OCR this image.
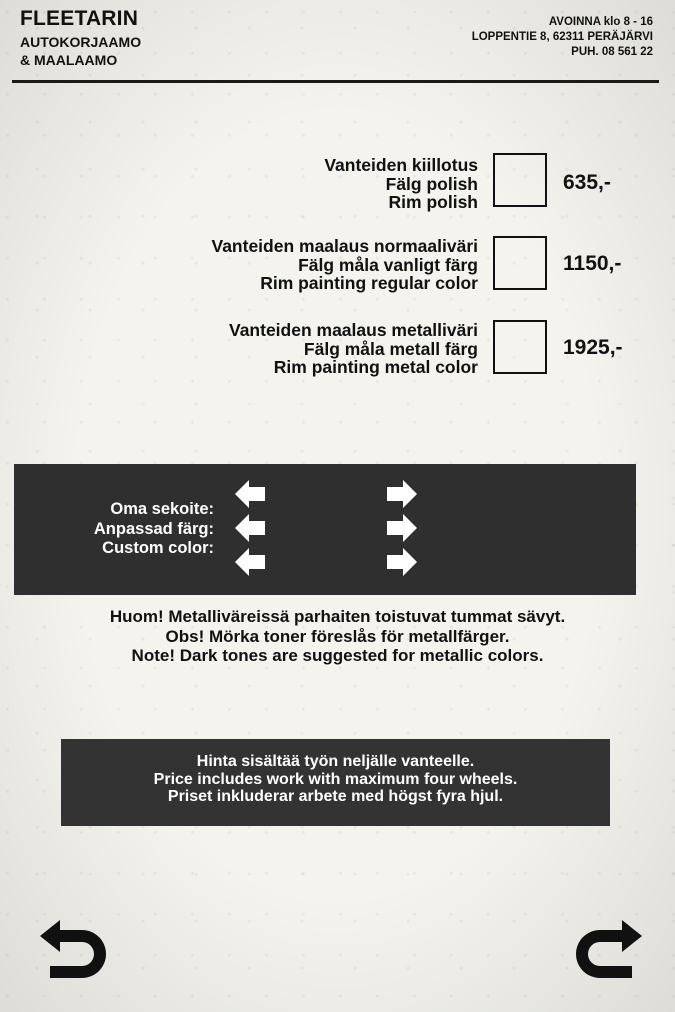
FLEETARIN
AUTOKORJAAMO
& MAALAAMO
AVOINNA klo 8 - 16
LOPPENTIE 8, 62311 PERÄJÄRVI
PUH. 08 561 22
Vanteiden kiillotus
Fälg polish
Rim polish
635,-
Vanteiden maalaus normaaliväri
Fälg måla vanligt färg
Rim painting regular color
1150,-
Vanteiden maalaus metalliväri
Fälg måla metall färg
Rim painting metal color
1925,-
Oma sekoite:
Anpassad färg:
Custom color:
Huom! Metalliväreissä parhaiten toistuvat tummat sävyt.
Obs! Mörka toner föreslås för metallfärger.
Note! Dark tones are suggested for metallic colors.
Hinta sisältää työn neljälle vanteelle.
Price includes work with maximum four wheels.
Priset inkluderar arbete med högst fyra hjul.
